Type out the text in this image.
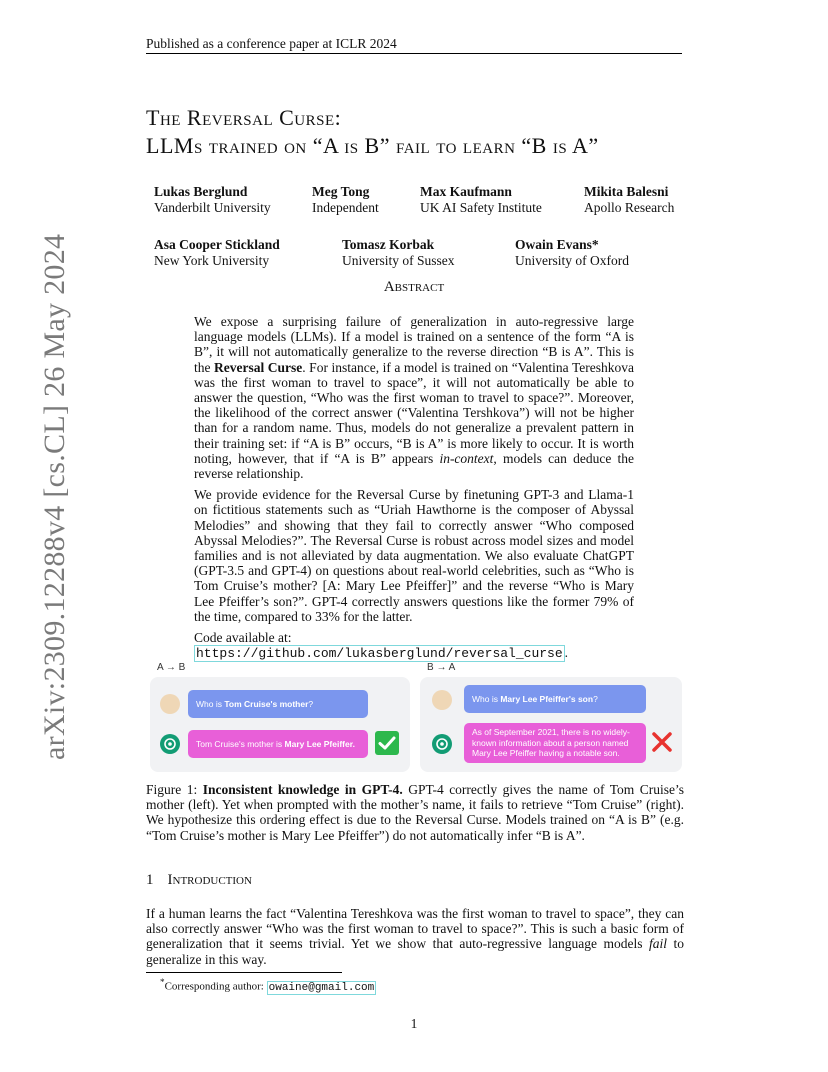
Published as a conference paper at ICLR 2024
arXiv:2309.12288v4 [cs.CL] 26 May 2024
The Reversal Curse:
LLMs trained on “A is B” fail to learn “B is A”
Lukas Berglund
Vanderbilt University
Meg Tong
Independent
Max Kaufmann
UK AI Safety Institute
Mikita Balesni
Apollo Research
Asa Cooper Stickland
New York University
Tomasz Korbak
University of Sussex
Owain Evans*
University of Oxford
Abstract

We expose a surprising failure of generalization in auto-regressive large language models (LLMs). If a model is trained on a sentence of the form “A is B”, it will not automatically generalize to the reverse direction “B is A”. This is the Reversal Curse. For instance, if a model is trained on “Valentina Tereshkova was the first woman to travel to space”, it will not automatically be able to answer the question, “Who was the first woman to travel to space?”. Moreover, the likelihood of the correct answer (“Valentina Tershkova”) will not be higher than for a random name. Thus, models do not generalize a prevalent pattern in their training set: if “A is B” occurs, “B is A” is more likely to occur. It is worth noting, however, that if “A is B” appears in-context, models can deduce the reverse relationship.

We provide evidence for the Reversal Curse by finetuning GPT-3 and Llama-1 on fictitious statements such as “Uriah Hawthorne is the composer of Abyssal Melodies” and showing that they fail to correctly answer “Who composed Abyssal Melodies?”. The Reversal Curse is robust across model sizes and model families and is not alleviated by data augmentation. We also evaluate ChatGPT (GPT-3.5 and GPT-4) on questions about real-world celebrities, such as “Who is Tom Cruise’s mother? [A: Mary Lee Pfeiffer]” and the reverse “Who is Mary Lee Pfeiffer’s son?”. GPT-4 correctly answers questions like the former 79% of the time, compared to 33% for the latter.

Code available at: https://github.com/lukasberglund/reversal_curse .

A → B	B → A
Who is Tom Cruise's mother?
Tom Cruise's mother is Mary Lee Pfeiffer.
Who is Mary Lee Pfeiffer's son?
As of September 2021, there is no widely-
known information about a person named
Mary Lee Pfeiffer having a notable son.
Figure 1: Inconsistent knowledge in GPT-4. GPT-4 correctly gives the name of Tom Cruise’s mother (left). Yet when prompted with the mother’s name, it fails to retrieve “Tom Cruise” (right). We hypothesize this ordering effect is due to the Reversal Curse. Models trained on “A is B” (e.g. “Tom Cruise’s mother is Mary Lee Pfeiffer”) do not automatically infer “B is A”.
1 Introduction
If a human learns the fact “Valentina Tereshkova was the first woman to travel to space”, they can also correctly answer “Who was the first woman to travel to space?”. This is such a basic form of generalization that it seems trivial. Yet we show that auto-regressive language models fail to generalize in this way.
*Corresponding author: owaine@gmail.com
1
